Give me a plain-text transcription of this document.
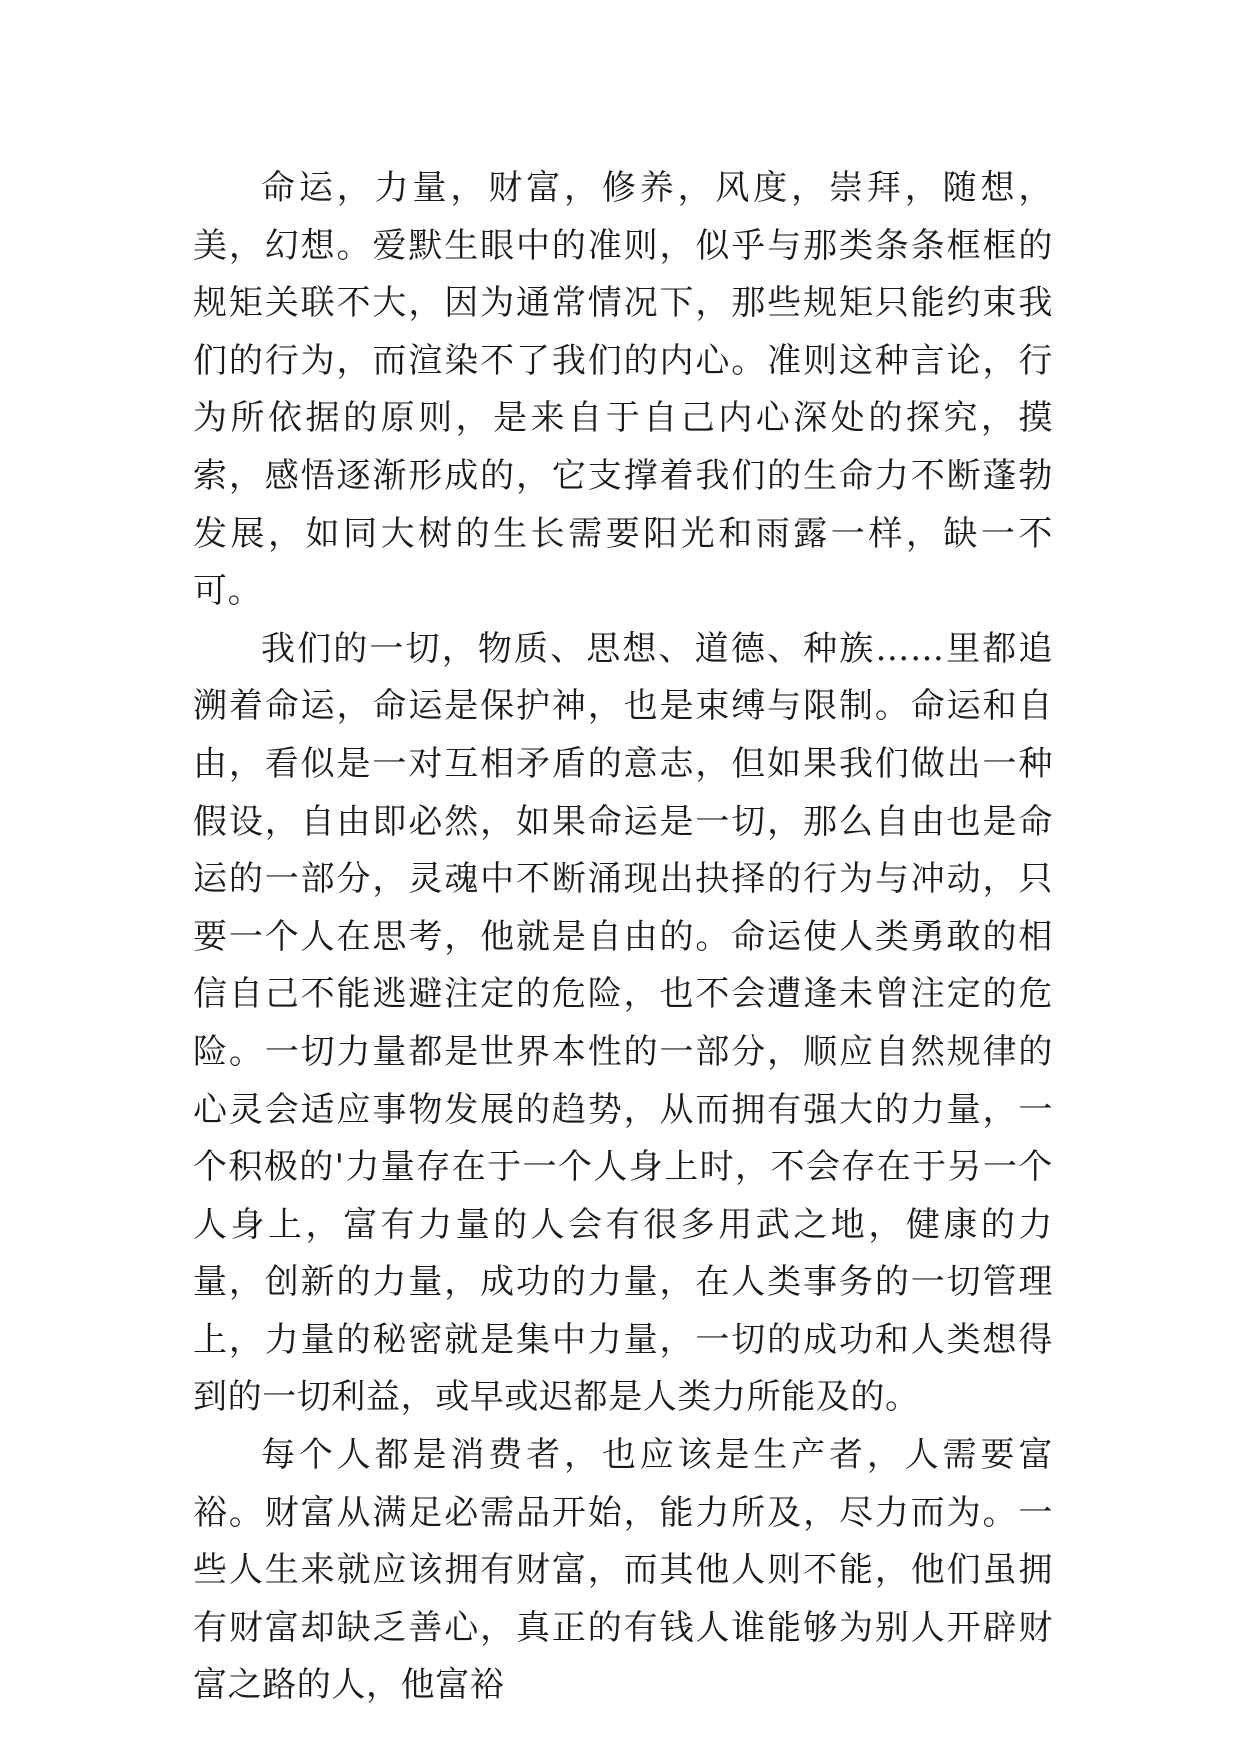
命运，力量，财富，修养，风度，崇拜，随想，美，幻想。爱默生眼中的准则，似乎与那类条条框框的规矩关联不大，因为通常情况下，那些规矩只能约束我们的行为，而渲染不了我们的内心。准则这种言论，行为所依据的原则，是来自于自己内心深处的探究，摸索，感悟逐渐形成的，它支撑着我们的生命力不断蓬勃发展，如同大树的生长需要阳光和雨露一样，缺一不可。

我们的一切，物质、思想、道德、种族……里都追溯着命运，命运是保护神，也是束缚与限制。命运和自由，看似是一对互相矛盾的意志，但如果我们做出一种假设，自由即必然，如果命运是一切，那么自由也是命运的一部分，灵魂中不断涌现出抉择的行为与冲动，只要一个人在思考，他就是自由的。命运使人类勇敢的相信自己不能逃避注定的危险，也不会遭逢未曾注定的危险。一切力量都是世界本性的一部分，顺应自然规律的心灵会适应事物发展的趋势，从而拥有强大的力量，一个积极的'力量存在于一个人身上时，不会存在于另一个人身上，富有力量的人会有很多用武之地，健康的力量，创新的力量，成功的力量，在人类事务的一切管理上，力量的秘密就是集中力量，一切的成功和人类想得到的一切利益，或早或迟都是人类力所能及的。

每个人都是消费者，也应该是生产者，人需要富裕。财富从满足必需品开始，能力所及，尽力而为。一些人生来就应该拥有财富，而其他人则不能，他们虽拥有财富却缺乏善心，真正的有钱人谁能够为别人开辟财富之路的人，他富裕
